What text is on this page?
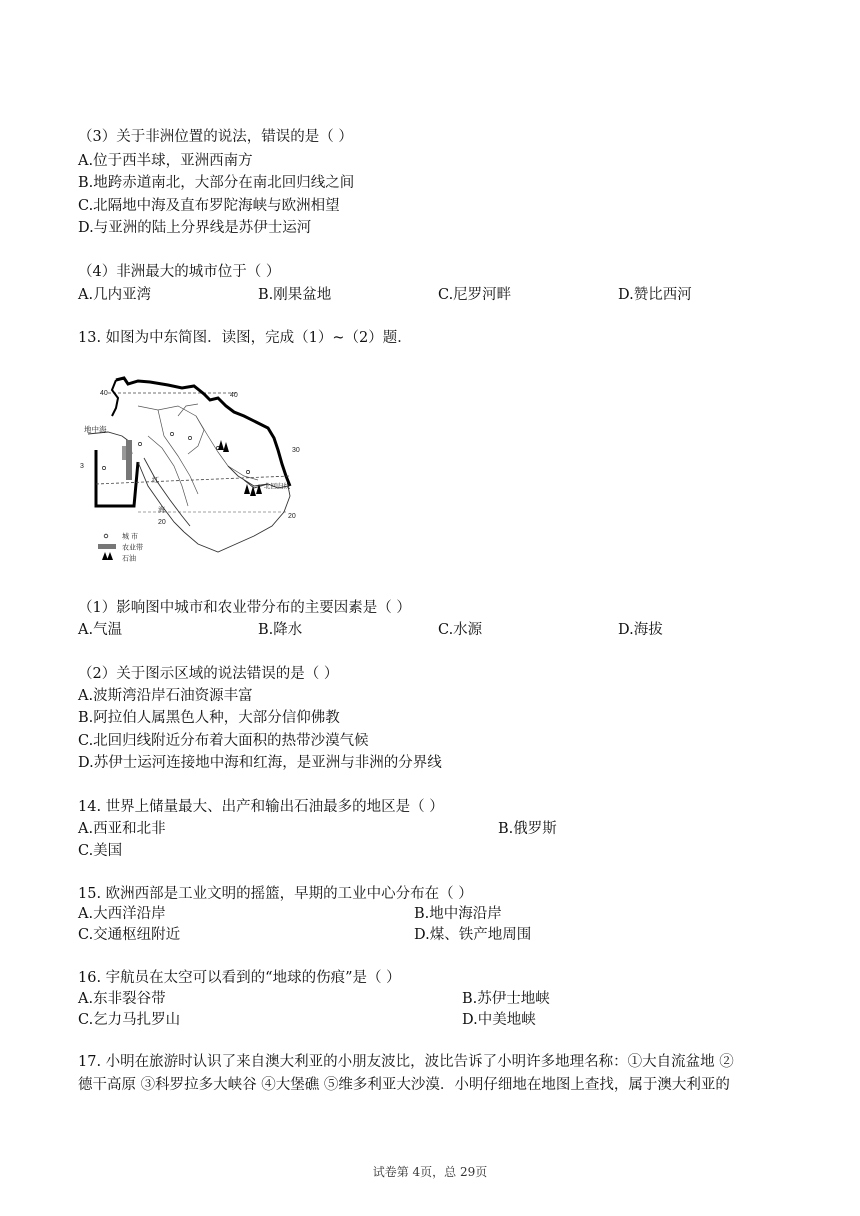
（3）关于非洲位置的说法，错误的是（ ）
A.位于西半球，亚洲西南方
B.地跨赤道南北，大部分在南北回归线之间
C.北隔地中海及直布罗陀海峡与欧洲相望
D.与亚洲的陆上分界线是苏伊士运河
（4）非洲最大的城市位于（ ）
A.几内亚湾	B.刚果盆地	C.尼罗河畔	D.赞比西河
13. 如图为中东简图．读图，完成（1）~（2）题．
40	40
地中海
红
海
北回归线
30
3
20
20
城 市
农业带
石油
（1）影响图中城市和农业带分布的主要因素是（ ）
A.气温	B.降水	C.水源	D.海拔
（2）关于图示区域的说法错误的是（ ）
A.波斯湾沿岸石油资源丰富
B.阿拉伯人属黑色人种，大部分信仰佛教
C.北回归线附近分布着大面积的热带沙漠气候
D.苏伊士运河连接地中海和红海，是亚洲与非洲的分界线
14. 世界上储量最大、出产和输出石油最多的地区是（ ）
A.西亚和北非	B.俄罗斯
C.美国
15. 欧洲西部是工业文明的摇篮，早期的工业中心分布在（ ）
A.大西洋沿岸	B.地中海沿岸
C.交通枢纽附近	D.煤、铁产地周围
16. 宇航员在太空可以看到的“地球的伤痕”是（ ）
A.东非裂谷带	B.苏伊士地峡
C.乞力马扎罗山	D.中美地峡
17. 小明在旅游时认识了来自澳大利亚的小朋友波比，波比告诉了小明许多地理名称：①大自流盆地 ②
德干高原 ③科罗拉多大峡谷 ④大堡礁 ⑤维多利亚大沙漠．小明仔细地在地图上查找，属于澳大利亚的
试卷第 4页，总 29页
